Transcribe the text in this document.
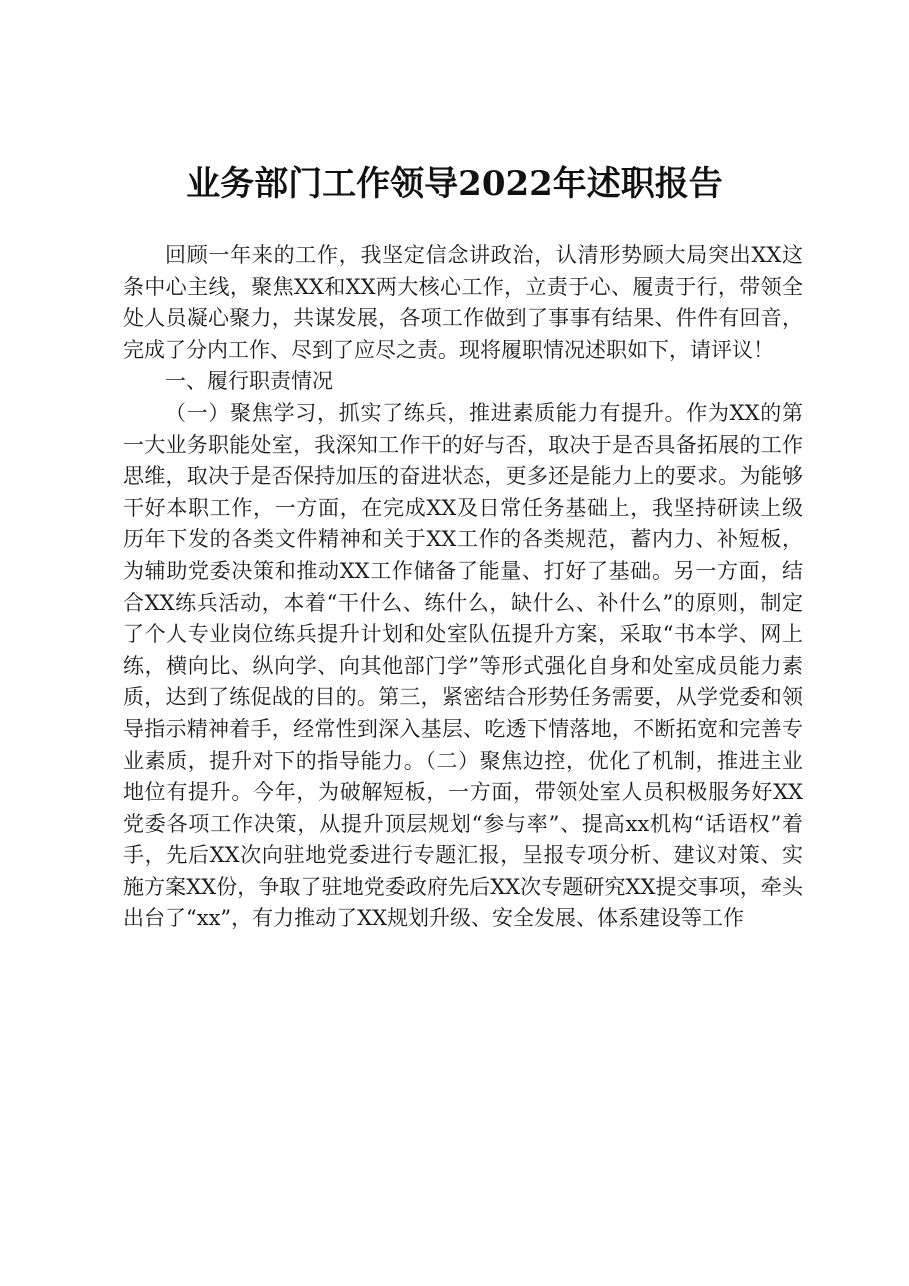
业务部门工作领导2022年述职报告

回顾一年来的工作，我坚定信念讲政治，认清形势顾大局突出XX这条中心主线，聚焦XX和XX两大核心工作，立责于心、履责于行，带领全处人员凝心聚力，共谋发展，各项工作做到了事事有结果、件件有回音，完成了分内工作、尽到了应尽之责。现将履职情况述职如下，请评议！

一、履行职责情况

（一）聚焦学习，抓实了练兵，推进素质能力有提升。作为XX的第一大业务职能处室，我深知工作干的好与否，取决于是否具备拓展的工作思维，取决于是否保持加压的奋进状态，更多还是能力上的要求。为能够干好本职工作，一方面，在完成XX及日常任务基础上，我坚持研读上级历年下发的各类文件精神和关于XX工作的各类规范，蓄内力、补短板，为辅助党委决策和推动XX工作储备了能量、打好了基础。另一方面，结合XX练兵活动，本着“干什么、练什么，缺什么、补什么”的原则，制定了个人专业岗位练兵提升计划和处室队伍提升方案，采取“书本学、网上练，横向比、纵向学、向其他部门学”等形式强化自身和处室成员能力素质，达到了练促战的目的。第三，紧密结合形势任务需要，从学党委和领导指示精神着手，经常性到深入基层、吃透下情落地，不断拓宽和完善专业素质，提升对下的指导能力。（二）聚焦边控，优化了机制，推进主业地位有提升。今年，为破解短板，一方面，带领处室人员积极服务好XX党委各项工作决策，从提升顶层规划“参与率”、提高xx机构“话语权”着手，先后XX次向驻地党委进行专题汇报，呈报专项分析、建议对策、实施方案XX份，争取了驻地党委政府先后XX次专题研究XX提交事项，牵头出台了“xx”，有力推动了XX规划升级、安全发展、体系建设等工作
